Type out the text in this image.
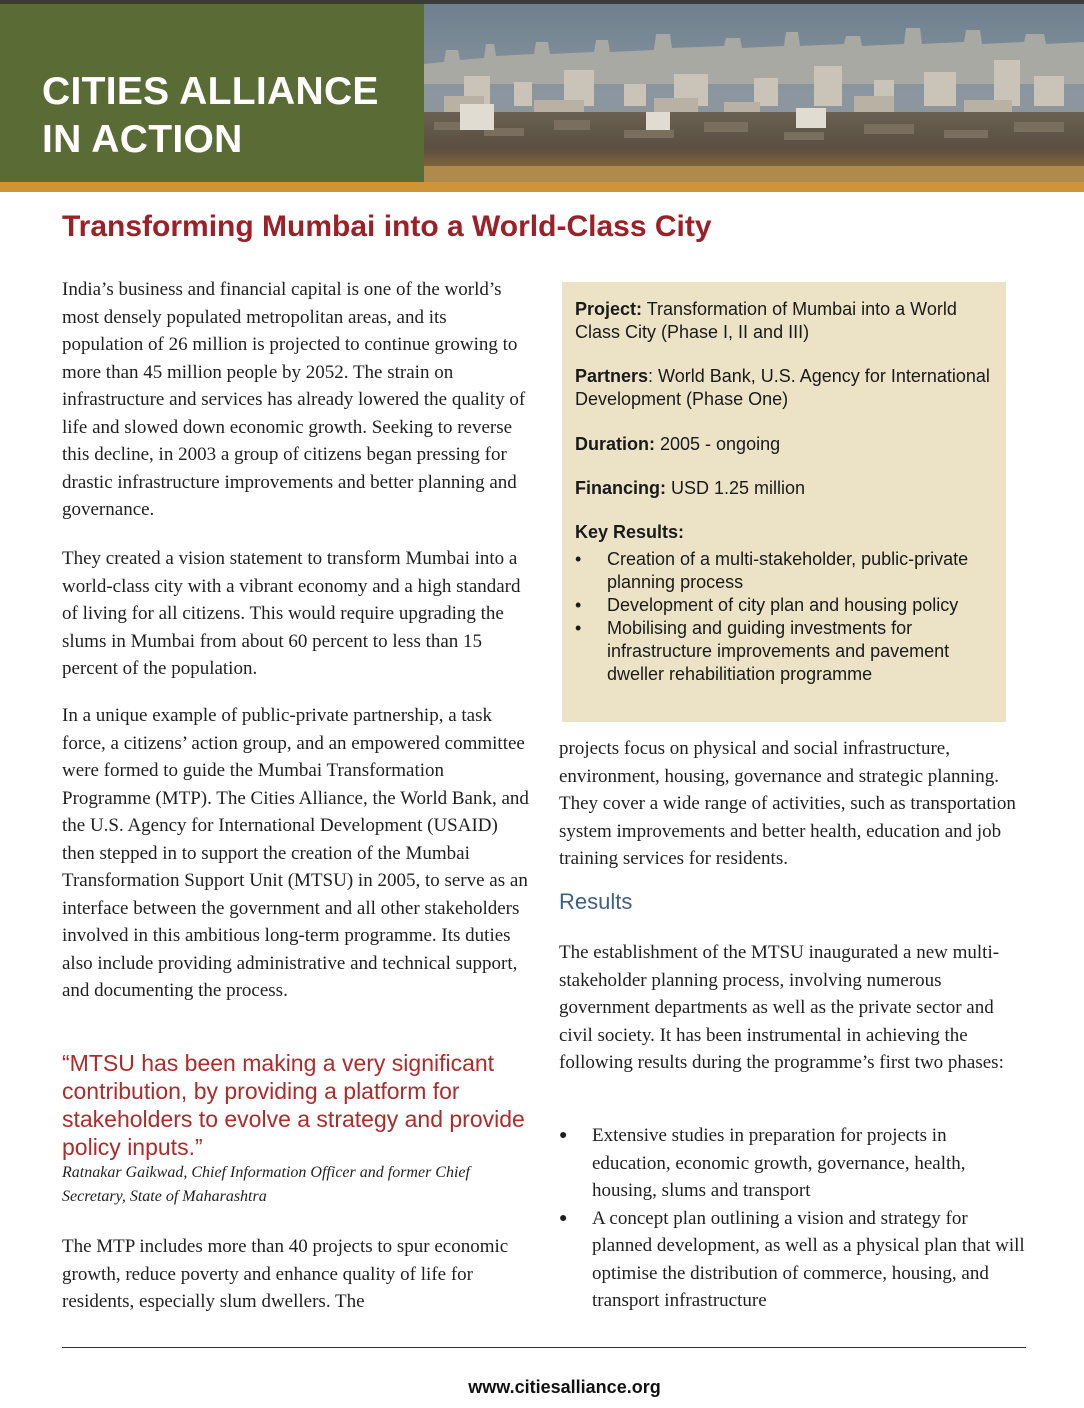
CITIES ALLIANCE
IN ACTION
Transforming Mumbai into a World-Class City

India’s business and financial capital is one of the world’s most densely populated metropolitan areas, and its population of 26 million is projected to continue growing to more than 45 million people by 2052. The strain on infrastructure and services has already lowered the quality of life and slowed down economic growth. Seeking to reverse this decline, in 2003 a group of citizens began pressing for drastic infrastructure improvements and better planning and governance.

They created a vision statement to transform Mumbai into a world-class city with a vibrant economy and a high standard of living for all citizens. This would require upgrading the slums in Mumbai from about 60 percent to less than 15 percent of the population.

In a unique example of public-private partnership, a task force, a citizens’ action group, and an empowered committee were formed to guide the Mumbai Transformation Programme (MTP). The Cities Alliance, the World Bank, and the U.S. Agency for International Development (USAID) then stepped in to support the creation of the Mumbai Transformation Support Unit (MTSU) in 2005, to serve as an interface between the government and all other stakeholders involved in this ambitious long-term programme. Its duties also include providing administrative and technical support, and documenting the process.

“MTSU has been making a very significant contribution, by providing a platform for stakeholders to evolve a strategy and provide policy inputs.”

Ratnakar Gaikwad, Chief Information Officer and former Chief Secretary, State of Maharashtra

The MTP includes more than 40 projects to spur economic growth, reduce poverty and enhance quality of life for residents, especially slum dwellers. The

Project: Transformation of Mumbai into a World Class City (Phase I, II and III)

Partners: World Bank, U.S. Agency for International Development (Phase One)

Duration: 2005 - ongoing

Financing: USD 1.25 million

Key Results:

• Creation of a multi-stakeholder, public-private planning process
• Development of city plan and housing policy
• Mobilising and guiding investments for infrastructure improvements and pavement dweller rehabilitiation programme

projects focus on physical and social infrastructure, environment, housing, governance and strategic planning. They cover a wide range of activities, such as transportation system improvements and better health, education and job training services for residents.

Results

The establishment of the MTSU inaugurated a new multi-stakeholder planning process, involving numerous government departments as well as the private sector and civil society. It has been instrumental in achieving the following results during the programme’s first two phases:

● Extensive studies in preparation for projects in education, economic growth, governance, health, housing, slums and transport
● A concept plan outlining a vision and strategy for planned development, as well as a physical plan that will optimise the distribution of commerce, housing, and transport infrastructure

www.citiesalliance.org
